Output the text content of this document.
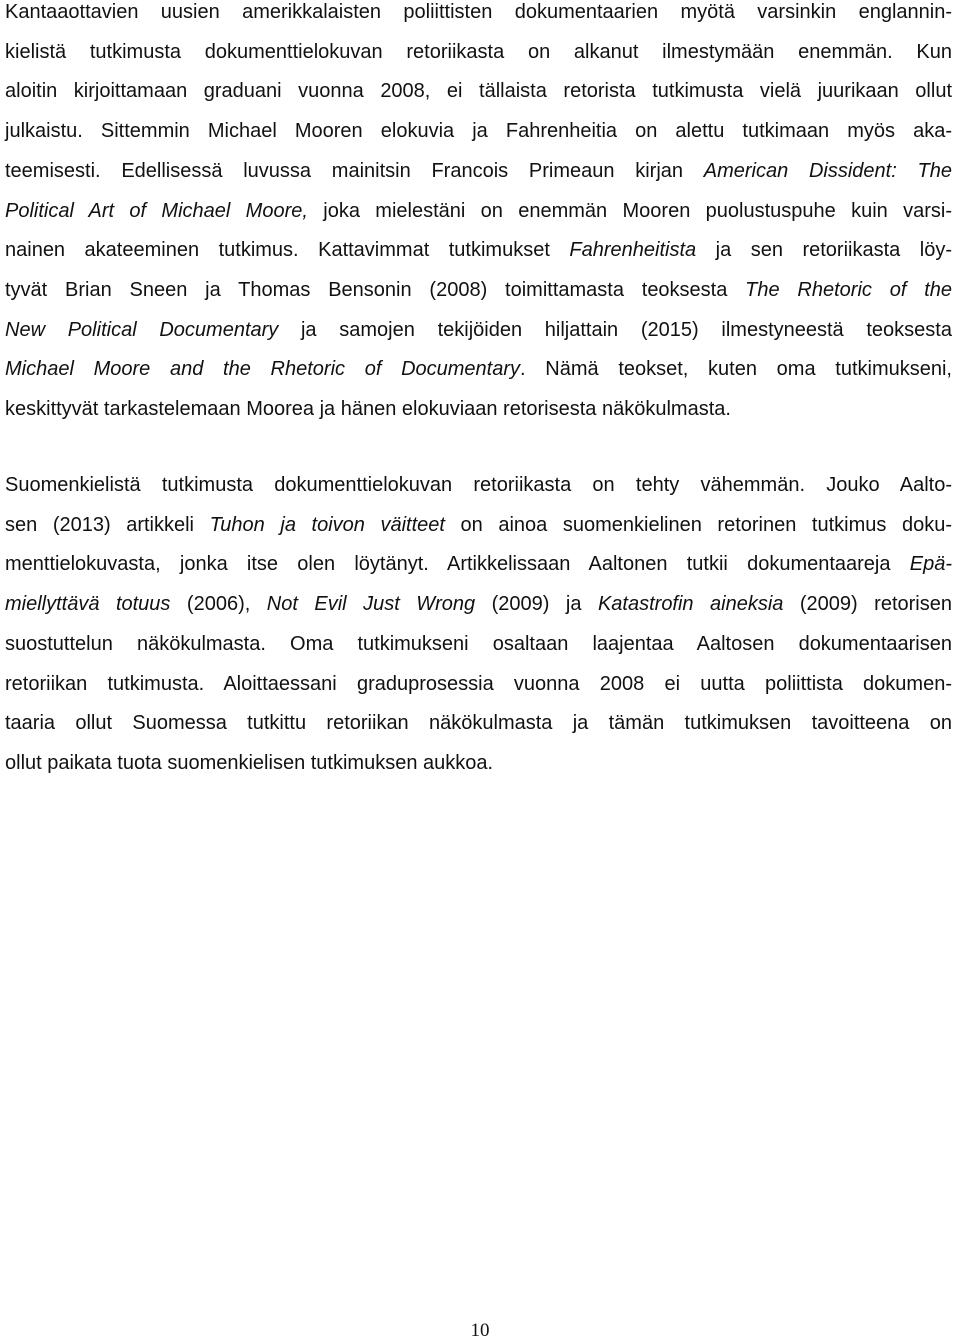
Kantaaottavien uusien amerikkalaisten poliittisten dokumentaarien myötä varsinkin englannin-
kielistä tutkimusta dokumenttielokuvan retoriikasta on alkanut ilmestymään enemmän. Kun
aloitin kirjoittamaan graduani vuonna 2008, ei tällaista retorista tutkimusta vielä juurikaan ollut
julkaistu. Sittemmin Michael Mooren elokuvia ja Fahrenheitia on alettu tutkimaan myös aka-
teemisesti. Edellisessä luvussa mainitsin Francois Primeaun kirjan American Dissident: The
Political Art of Michael Moore, joka mielestäni on enemmän Mooren puolustuspuhe kuin varsi-
nainen akateeminen tutkimus. Kattavimmat tutkimukset Fahrenheitista ja sen retoriikasta löy-
tyvät Brian Sneen ja Thomas Bensonin (2008) toimittamasta teoksesta The Rhetoric of the
New Political Documentary ja samojen tekijöiden hiljattain (2015) ilmestyneestä teoksesta
Michael Moore and the Rhetoric of Documentary. Nämä teokset, kuten oma tutkimukseni,
keskittyvät tarkastelemaan Moorea ja hänen elokuviaan retorisesta näkökulmasta.
Suomenkielistä tutkimusta dokumenttielokuvan retoriikasta on tehty vähemmän. Jouko Aalto-
sen (2013) artikkeli Tuhon ja toivon väitteet on ainoa suomenkielinen retorinen tutkimus doku-
menttielokuvasta, jonka itse olen löytänyt. Artikkelissaan Aaltonen tutkii dokumentaareja Epä-
miellyttävä totuus (2006), Not Evil Just Wrong (2009) ja Katastrofin aineksia (2009) retorisen
suostuttelun näkökulmasta. Oma tutkimukseni osaltaan laajentaa Aaltosen dokumentaarisen
retoriikan tutkimusta. Aloittaessani graduprosessia vuonna 2008 ei uutta poliittista dokumen-
taaria ollut Suomessa tutkittu retoriikan näkökulmasta ja tämän tutkimuksen tavoitteena on
ollut paikata tuota suomenkielisen tutkimuksen aukkoa.
10
